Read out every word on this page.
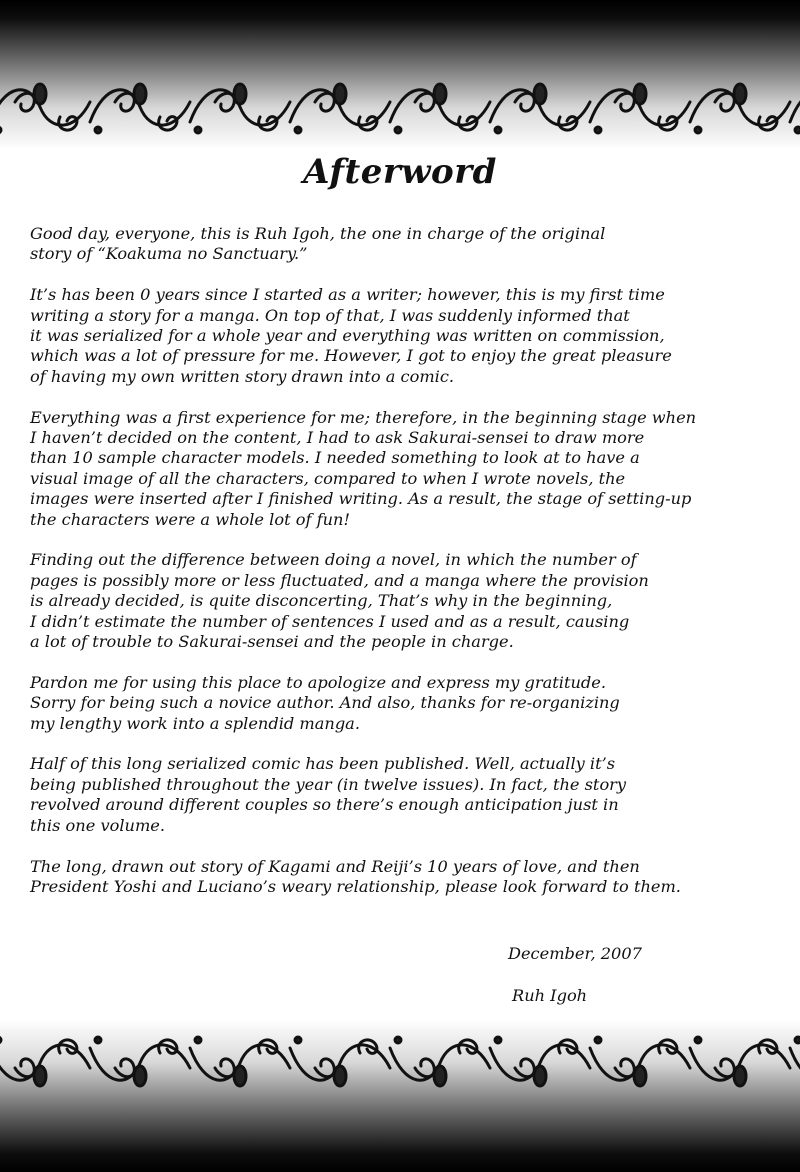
Afterword
Good day, everyone, this is Ruh Igoh, the one in charge of the original
story of “Koakuma no Sanctuary.”
It’s has been 0 years since I started as a writer; however, this is my first time
writing a story for a manga. On top of that, I was suddenly informed that
it was serialized for a whole year and everything was written on commission,
which was a lot of pressure for me. However, I got to enjoy the great pleasure
of having my own written story drawn into a comic.
Everything was a first experience for me; therefore, in the beginning stage when
I haven’t decided on the content, I had to ask Sakurai-sensei to draw more
than 10 sample character models. I needed something to look at to have a
visual image of all the characters, compared to when I wrote novels, the
images were inserted after I finished writing. As a result, the stage of setting-up
the characters were a whole lot of fun!
Finding out the difference between doing a novel, in which the number of
pages is possibly more or less fluctuated, and a manga where the provision
is already decided, is quite disconcerting, That’s why in the beginning,
I didn’t estimate the number of sentences I used and as a result, causing
a lot of trouble to Sakurai-sensei and the people in charge.
Pardon me for using this place to apologize and express my gratitude.
Sorry for being such a novice author. And also, thanks for re-organizing
my lengthy work into a splendid manga.
Half of this long serialized comic has been published. Well, actually it’s
being published throughout the year (in twelve issues). In fact, the story
revolved around different couples so there’s enough anticipation just in
this one volume.
The long, drawn out story of Kagami and Reiji’s 10 years of love, and then
President Yoshi and Luciano’s weary relationship, please look forward to them.
December, 2007
Ruh Igoh
